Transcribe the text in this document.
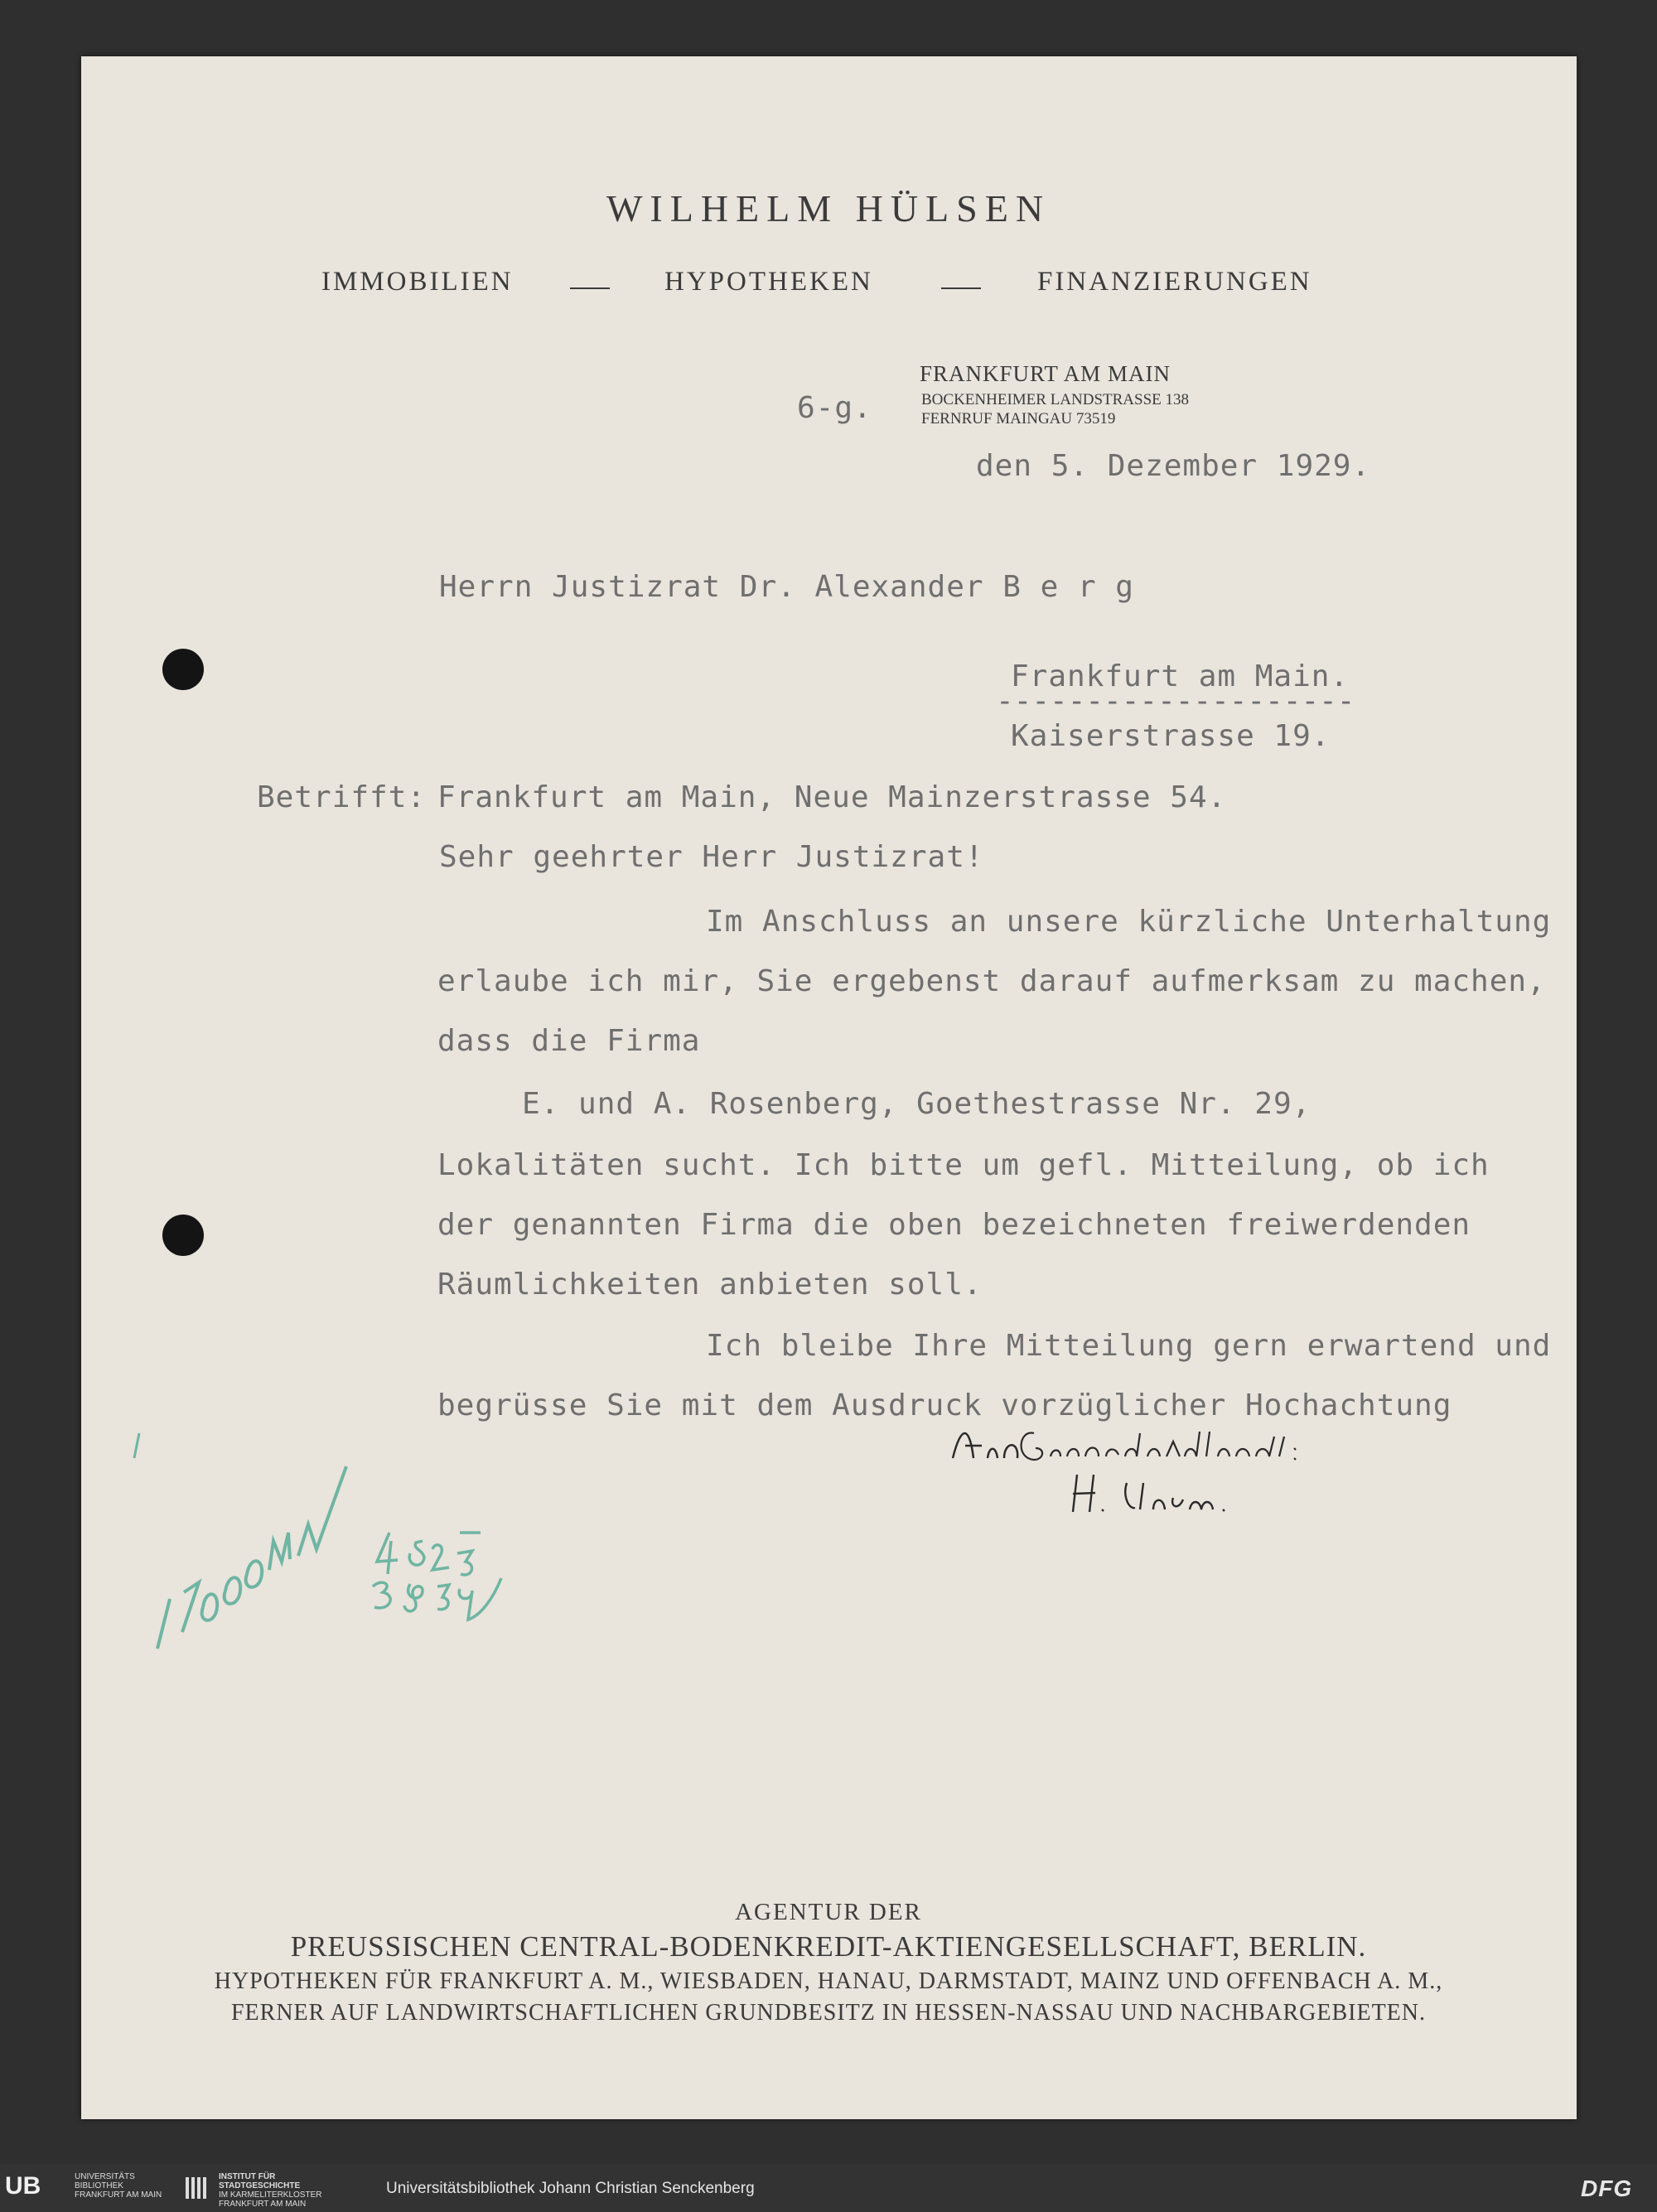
WILHELM HÜLSEN
IMMOBILIEN	HYPOTHEKEN	FINANZIERUNGEN
FRANKFURT AM MAIN
BOCKENHEIMER LANDSTRASSE 138
FERNRUF MAINGAU 73519
6-g.
den 5. Dezember 1929.
Herrn Justizrat Dr. Alexander B e r g
Frankfurt am Main.
--------------------
Kaiserstrasse 19.
Betrifft: Frankfurt am Main, Neue Mainzerstrasse 54.
Sehr geehrter Herr Justizrat!
Im Anschluss an unsere kürzliche Unterhaltung
erlaube ich mir, Sie ergebenst darauf aufmerksam zu machen,
dass die Firma
E. und A. Rosenberg, Goethestrasse Nr. 29,
Lokalitäten sucht. Ich bitte um gefl. Mitteilung, ob ich
der genannten Firma die oben bezeichneten freiwerdenden
Räumlichkeiten anbieten soll.
Ich bleibe Ihre Mitteilung gern erwartend und
begrüsse Sie mit dem Ausdruck vorzüglicher Hochachtung
AGENTUR DER
PREUSSISCHEN CENTRAL-BODENKREDIT-AKTIENGESELLSCHAFT, BERLIN.
HYPOTHEKEN FÜR FRANKFURT A. M., WIESBADEN, HANAU, DARMSTADT, MAINZ UND OFFENBACH A. M.,
FERNER AUF LANDWIRTSCHAFTLICHEN GRUNDBESITZ IN HESSEN-NASSAU UND NACHBARGEBIETEN.
UB	UNIVERSITÄTS
BIBLIOTHEK
FRANKFURT AM MAIN
INSTITUT FÜR
STADTGESCHICHTE
IM KARMELITERKLOSTER
FRANKFURT AM MAIN
Universitätsbibliothek Johann Christian Senckenberg	DFG
